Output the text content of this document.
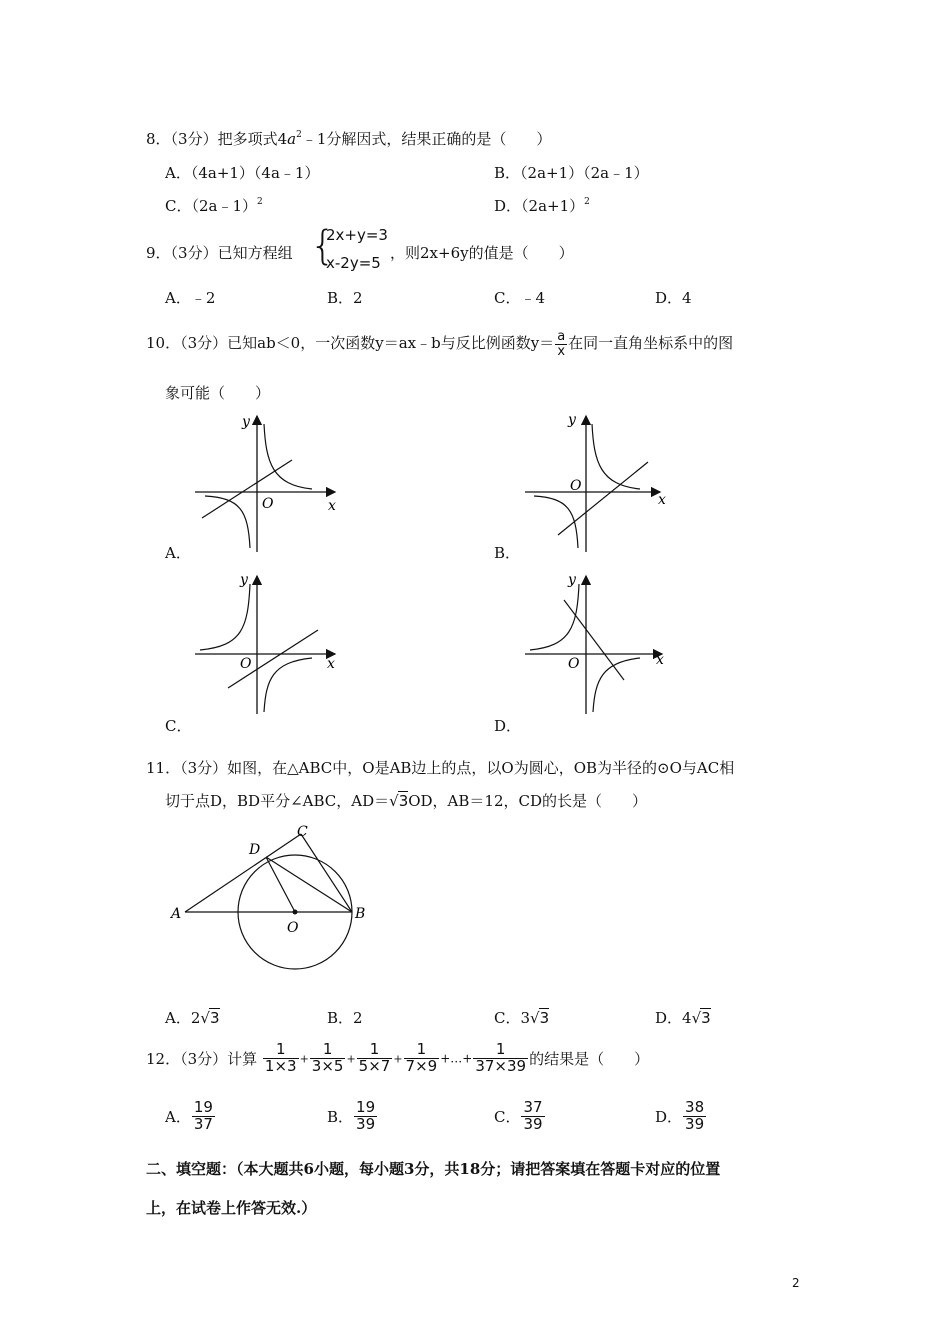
8．（3分）把多项式$4a^2﹣1$分解因式，结果正确的是（　　）
A．（4a+1）（4a﹣1）	B．（2a+1）（2a﹣1）
C．（2a﹣1）$^2$	D．$(2a+1)^2$
9．（3分）已知方程组 {
2x+y=3
x-2y=5
，则2x+6y的值是（　　）
A．﹣2	B．2	C．﹣4	D．4
10．（3分）已知ab＜0，一次函数y＝ax﹣b与反比例函数$y= \frac{a}{x}$ 在同一直角坐标系中的图
象可能（　　）
O	x
y
A．
O
x
y
B．
O	x
y
C．
O	x
y
D．
11．（3分）如图，在△ABC中，O是AB边上的点，以O为圆心，OB为半径的⊙O与AC相
切于点D，BD平分∠ABC，AD＝√3OD，AB＝12，CD的长是（　　）
A	B
C
D
O
A．2√3	B．2	C．3√3	D．4√3
12．（3分）计算 $\frac{1}{1\times 3} + \frac{1}{3\times 5} + \frac{1}{5\times 7} + \frac{1}{7\times 9}$ +…+ $\frac{1}{37\times 39}$ 的结果是（　　）
A． $\frac{19}{37}$	B． $\frac{19}{39}$	C． $\frac{37}{39}$	D． $\frac{38}{39}$
二、填空题：（本大题共6小题，每小题3分，共18分；请把答案填在答题卡对应的位置
上，在试卷上作答无效.）
2
